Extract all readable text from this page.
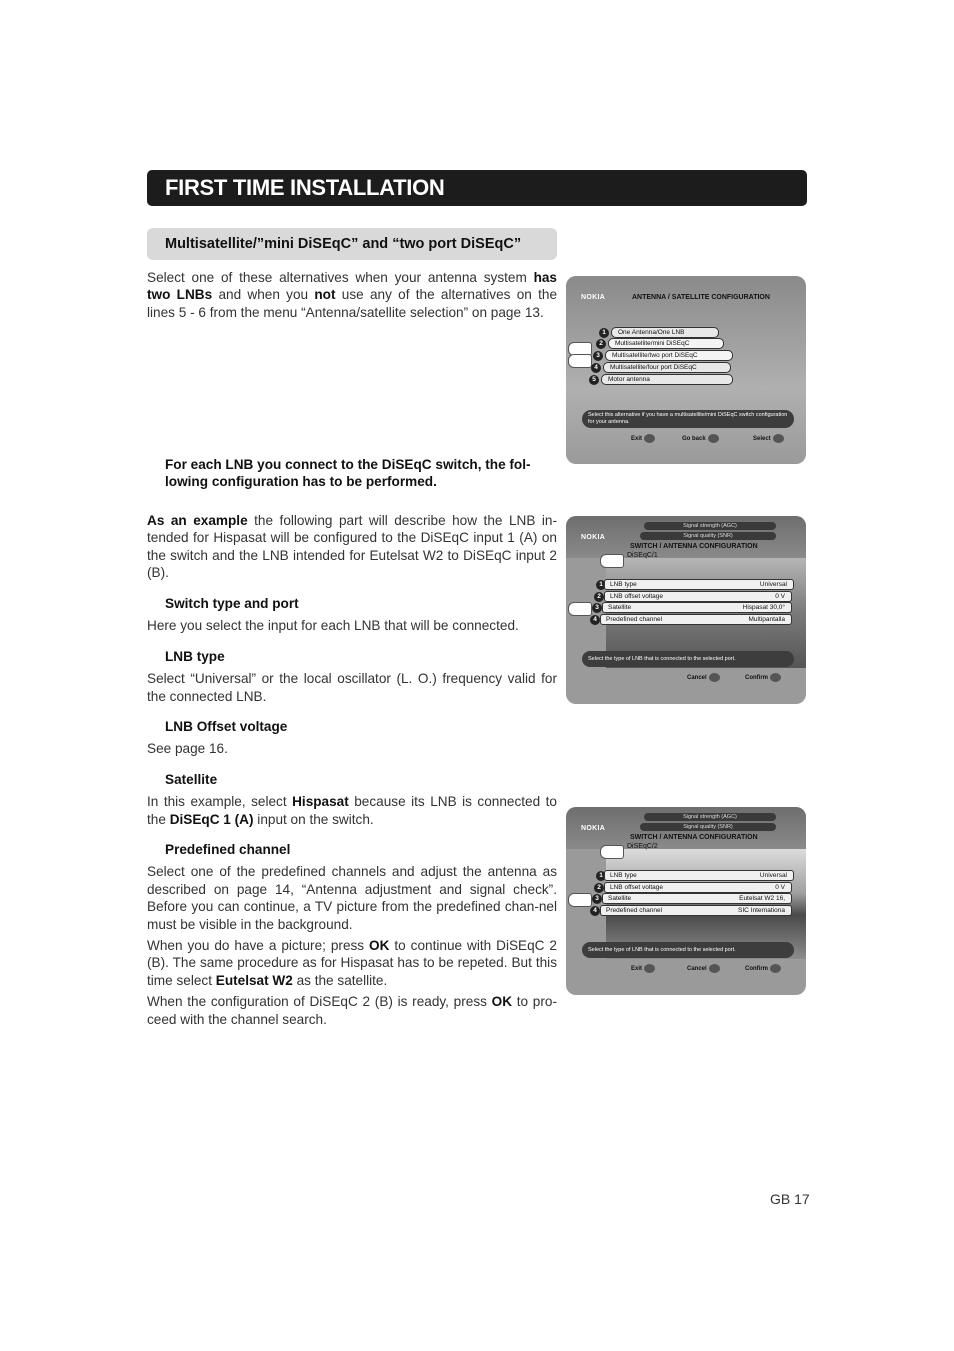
FIRST TIME INSTALLATION
Multisatellite/”mini DiSEqC” and “two port DiSEqC”

Select one of these alternatives when your antenna system has two LNBs and when you not use any of the alternatives on the lines 5 - 6 from the menu “Antenna/satellite selection” on page 13.

For each LNB you connect to the DiSEqC switch, the fol-lowing configuration has to be performed.

As an example the following part will describe how the LNB in-tended for Hispasat will be configured to the DiSEqC input 1 (A) on the switch and the LNB intended for Eutelsat W2 to DiSEqC input 2 (B).

Switch type and port

Here you select the input for each LNB that will be connected.

LNB type

Select “Universal” or the local oscillator (L. O.) frequency valid for the connected LNB.

LNB Offset voltage

See page 16.

Satellite

In this example, select Hispasat because its LNB is connected to the DiSEqC 1 (A) input on the switch.

Predefined channel

Select one of the predefined channels and adjust the antenna as described on page 14, “Antenna adjustment and signal check”. Before you can continue, a TV picture from the predefined chan-nel must be visible in the background.

When you do have a picture; press OK to continue with DiSEqC 2 (B). The same procedure as for Hispasat has to be repeted. But this time select Eutelsat W2 as the satellite.

When the configuration of DiSEqC 2 (B) is ready, press OK to pro-ceed with the channel search.

GB 17
NOKIA	ANTENNA / SATELLITE CONFIGURATION
1	One Antenna/One LNB
2	Multisatellite/mini DiSEqC
3	Multisatellite/two port DiSEqC
4	Multisatellite/four port DiSEqC
5	Motor antenna
Select this alternative if you have a multisatellite/mini DiSEqC switch configuration for your antenna.
Exit	Go back	Select
NOKIA
Signal strength (AGC)
Signal quality (SNR)
SWITCH / ANTENNA CONFIGURATION
DiSEqC/1
1	LNB type	Universal
2	LNB offset voltage	0 V
3	Satellite	Hispasat 30,0°
4	Predefined channel	Multipantalla
Select the type of LNB that is connected to the selected port.
Cancel	Confirm
NOKIA
Signal strength (AGC)
Signal quality (SNR)
SWITCH / ANTENNA CONFIGURATION
DiSEqC/2
1	LNB type	Universal
2	LNB offset voltage	0 V
3	Satellite	Eutelsat W2 16,
4	Predefined channel	SIC Internationa
Select the type of LNB that is connected to the selected port.
Exit	Cancel	Confirm
